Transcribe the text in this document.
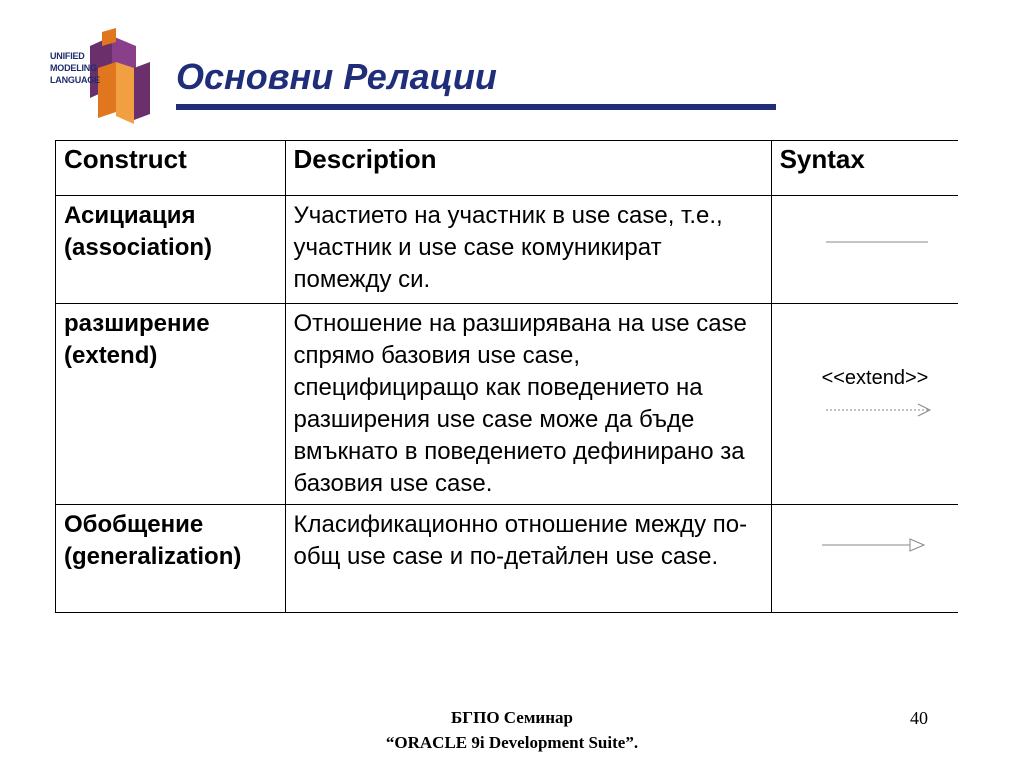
UNIFIED
MODELING
LANGUAGE Основни Релации
Construct	Description	Syntax

Асициация
(association)	Участието на участник в use case, т.е., участник и use case комуникират помежду си.	

разширение
(extend)	Отношение на разширявана на use case спрямо базовия use case, специфициращо как поведението на разширения use case може да бъде вмъкнато в поведението дефинирано за базовия use case.	<<extend>>

Обобщение
(generalization)	Класификационно отношение между по-общ use case и по-детайлен use case.	
БГПО Семинар
“ORACLE 9i Development Suite”.
40
